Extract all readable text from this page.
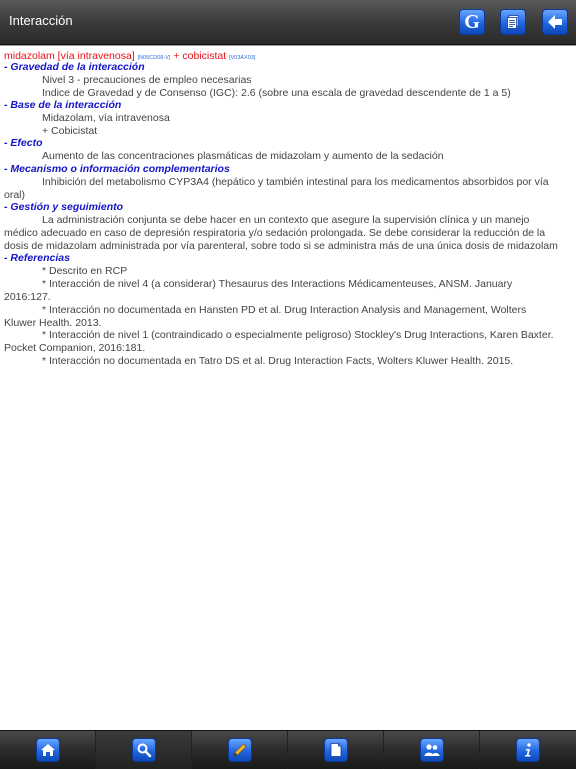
Interacción	G
midazolam [vía intravenosa] [N05CD08-V] + cobicistat [V03AX03]
- Gravedad de la interacción
Nivel 3 - precauciones de empleo necesarias
Indice de Gravedad y de Consenso (IGC): 2.6 (sobre una escala de gravedad descendente de 1 a 5)
- Base de la interacción
Midazolam, vía intravenosa
+ Cobicistat
- Efecto
Aumento de las concentraciones plasmáticas de midazolam y aumento de la sedación
- Mecanismo o información complementarios
Inhibición del metabolismo CYP3A4 (hepático y también intestinal para los medicamentos absorbidos por vía
oral)
- Gestión y seguimiento
La administración conjunta se debe hacer en un contexto que asegure la supervisión clínica y un manejo
médico adecuado en caso de depresión respiratoria y/o sedación prolongada. Se debe considerar la reducción de la
dosis de midazolam administrada por vía parenteral, sobre todo si se administra más de una única dosis de midazolam
- Referencias
* Descrito en RCP
* Interacción de nivel 4 (a considerar) Thesaurus des Interactions Médicamenteuses, ANSM. January
2016:127.
* Interacción no documentada en Hansten PD et al. Drug Interaction Analysis and Management, Wolters
Kluwer Health. 2013.
* Interacción de nivel 1 (contraindicado o especialmente peligroso) Stockley's Drug Interactions, Karen Baxter.
Pocket Companion, 2016:181.
* Interacción no documentada en Tatro DS et al. Drug Interaction Facts, Wolters Kluwer Health. 2015.
